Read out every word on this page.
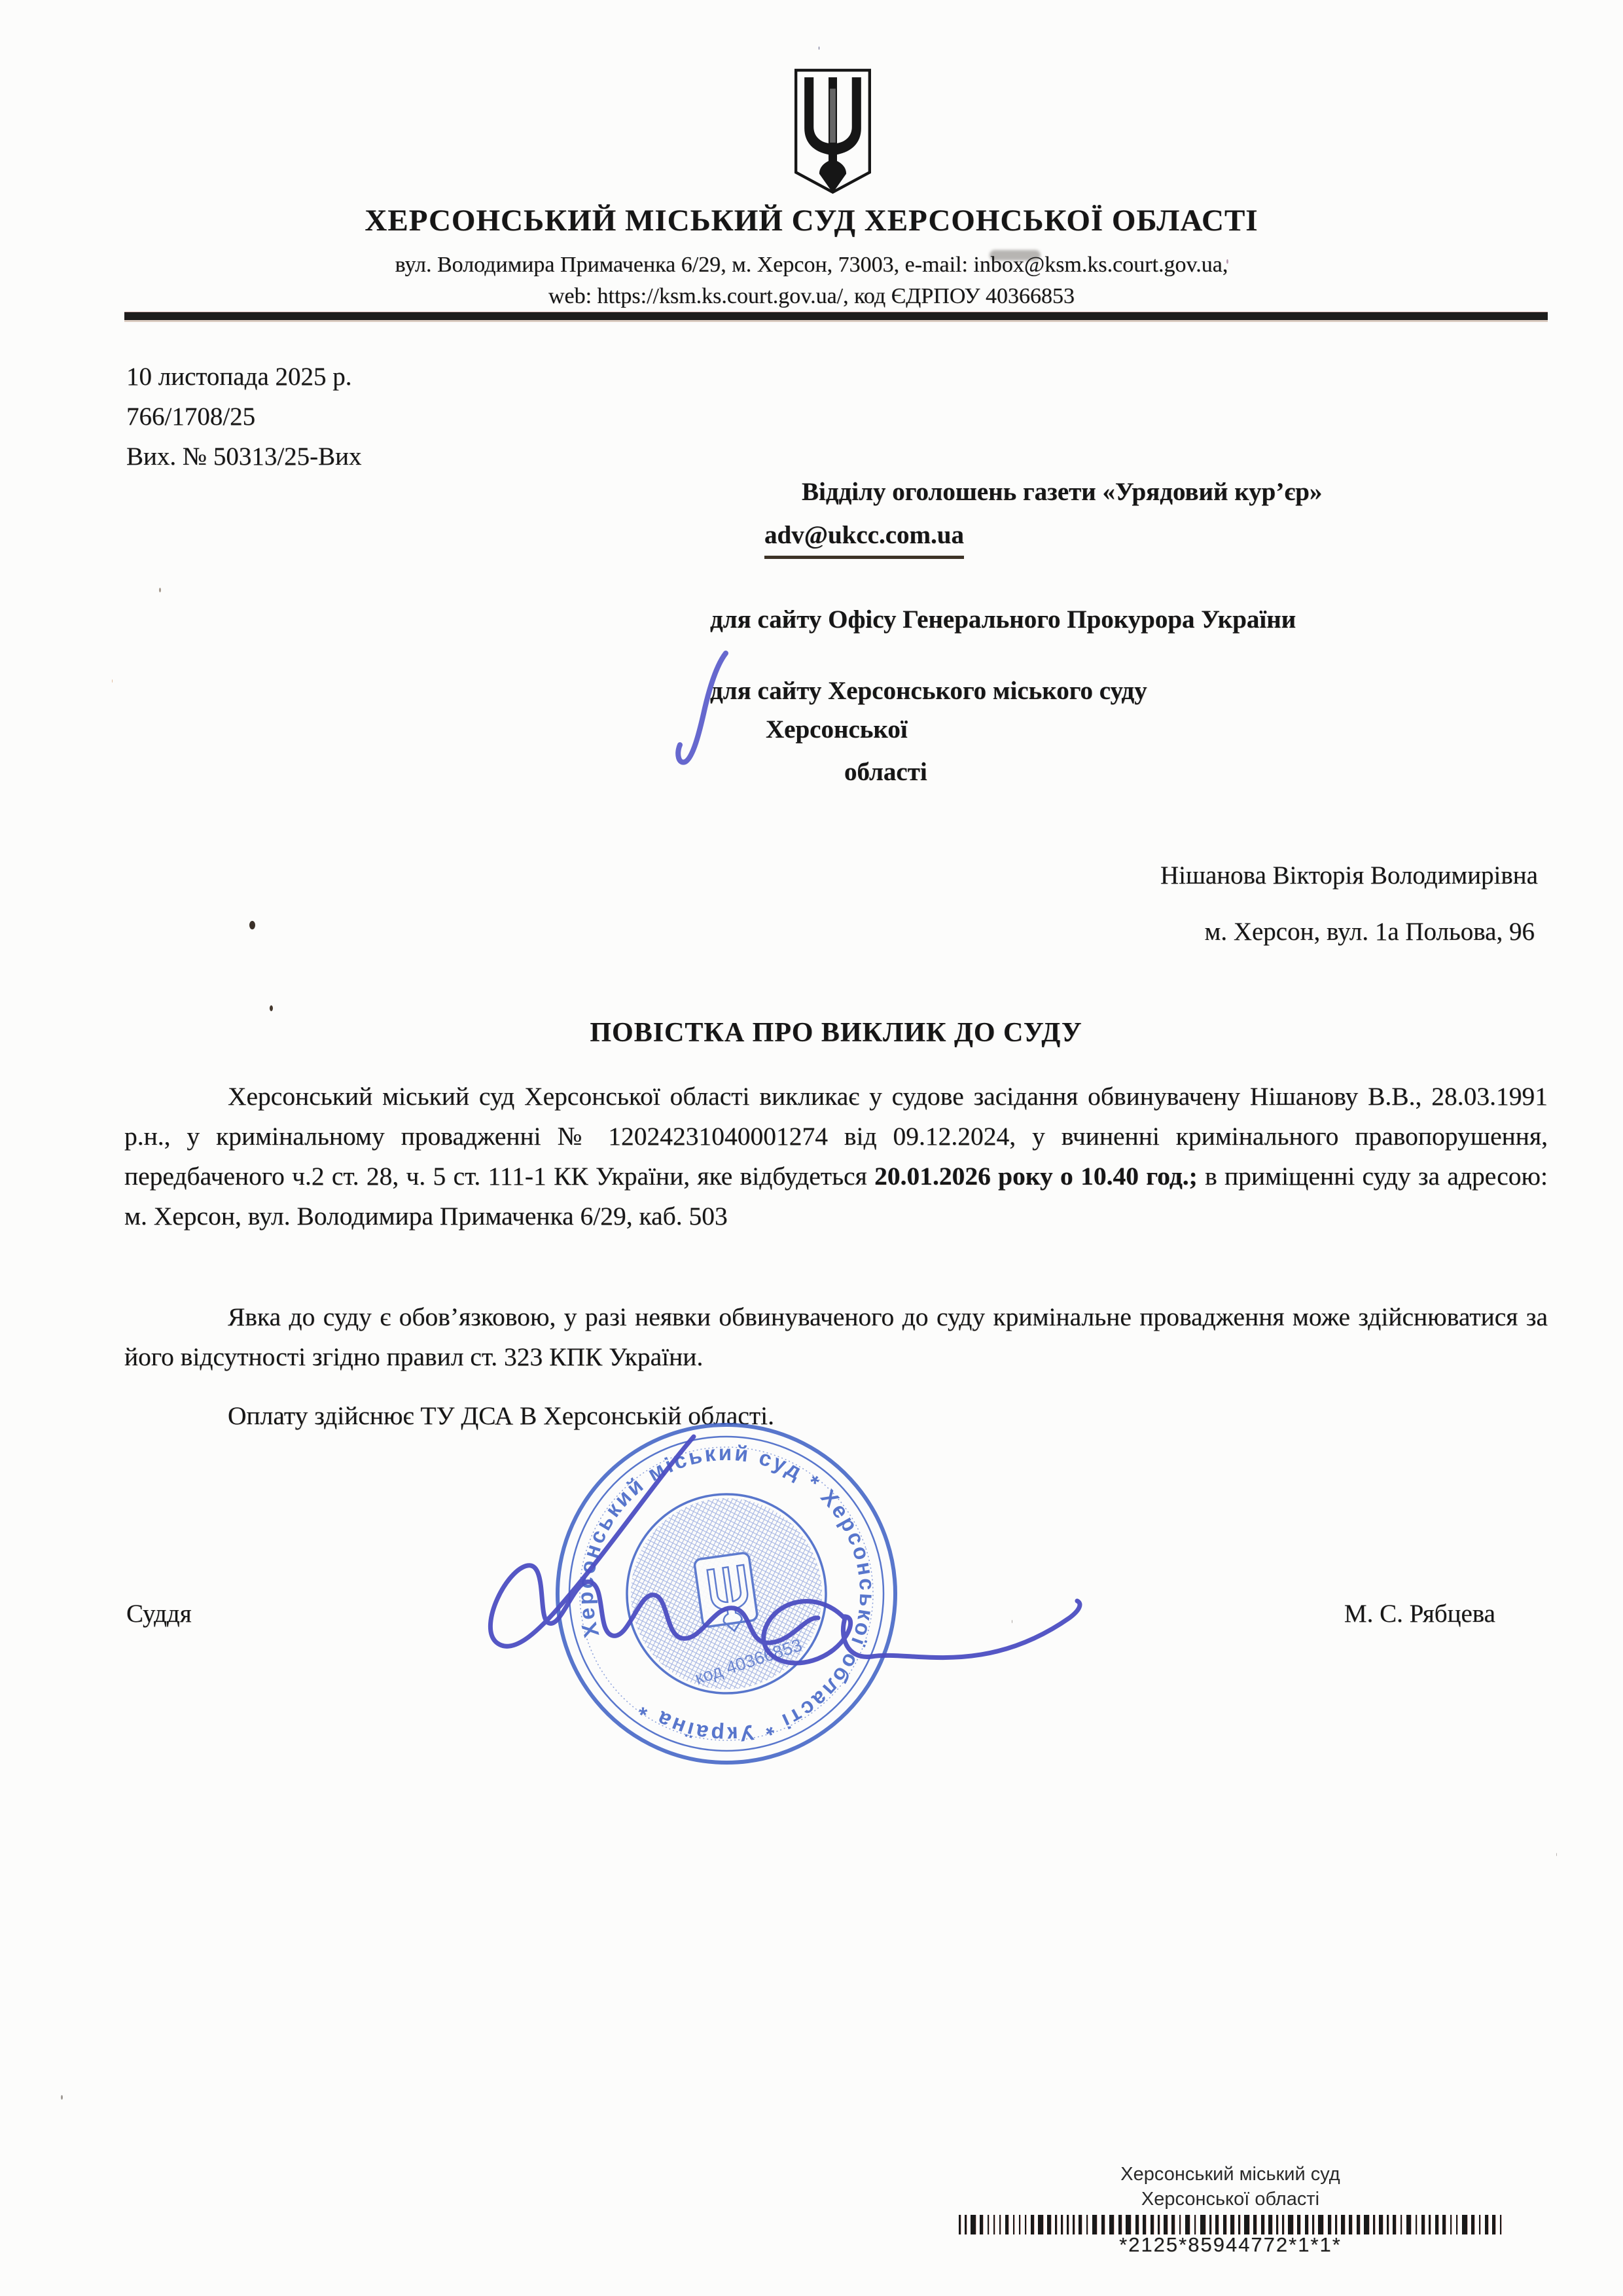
ХЕРСОНСЬКИЙ МІСЬКИЙ СУД ХЕРСОНСЬКОЇ ОБЛАСТІ
вул. Володимира Примаченка 6/29, м. Херсон, 73003, e-mail: inbox@ksm.ks.court.gov.ua,
web: https://ksm.ks.court.gov.ua/, код ЄДРПОУ 40366853
10 листопада 2025 р.
766/1708/25
Вих. № 50313/25-Вих
Відділу оголошень газети «Урядовий кур’єр»
adv@ukcc.com.ua
для сайту Офісу Генерального Прокурора України
для сайту Херсонського міського суду
Херсонської
області
Нішанова Вікторія Володимирівна
м. Херсон, вул. 1а Польова, 96
ПОВІСТКА ПРО ВИКЛИК ДО СУДУ
Херсонський міський суд Херсонської області викликає у судове засідання обвинувачену Нішанову В.В., 28.03.1991 р.н., у кримінальному провадженні № 12024231040001274 від 09.12.2024, у вчиненні кримінального правопорушення, передбаченого ч.2 ст. 28, ч. 5 ст. 111-1 КК України, яке відбудеться 20.01.2026 року о 10.40 год.; в приміщенні суду за адресою: м. Херсон, вул. Володимира Примаченка 6/29, каб. 503
Явка до суду є обов’язковою, у разі неявки обвинуваченого до суду кримінальне провадження може здійснюватися за його відсутності згідно правил ст. 323 КПК України.
Оплату здійснює ТУ ДСА В Херсонській області.
Суддя	М. С. Рябцева
Херсонський міський суд * Херсонської області * Україна *
код 40366853
Херсонський міський суд
Херсонської області
*2125*85944772*1*1*
